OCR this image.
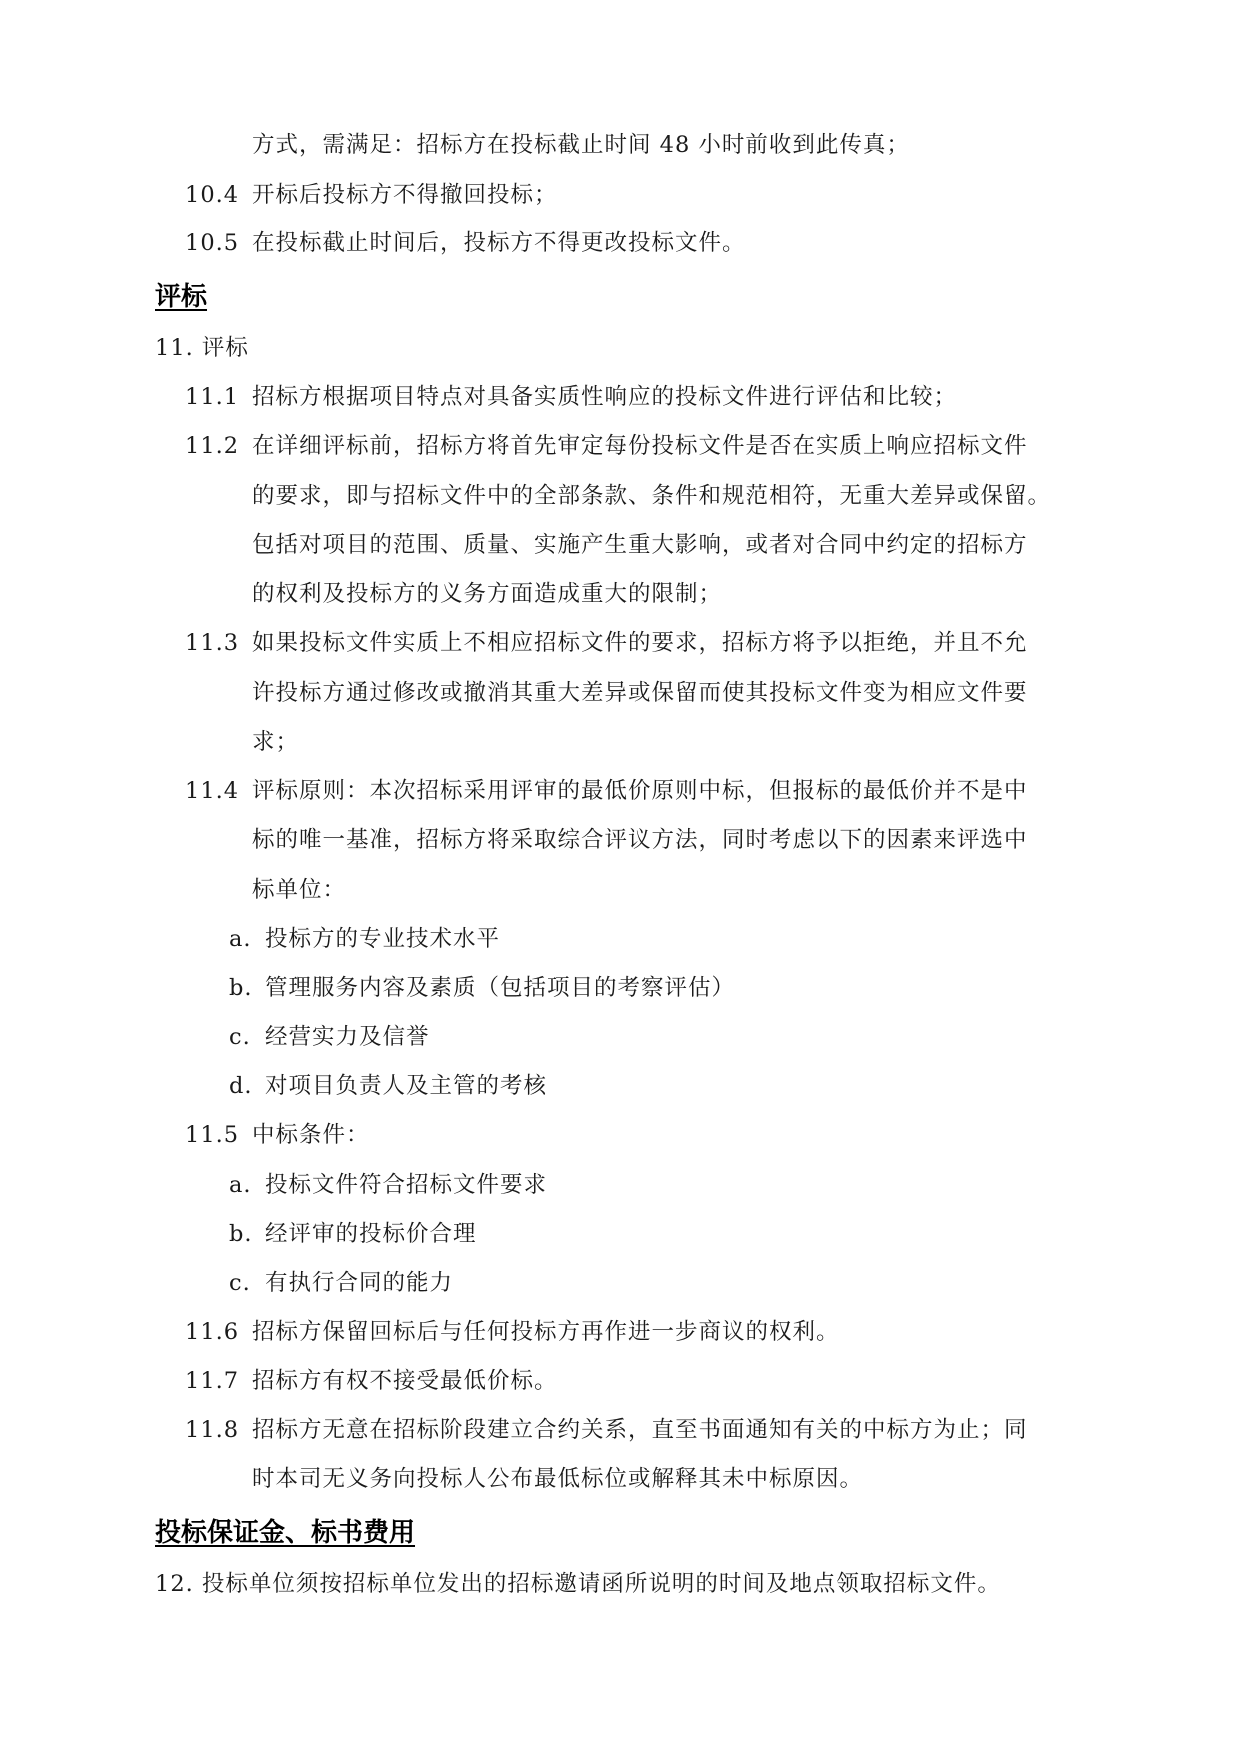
方式，需满足：招标方在投标截止时间 48 小时前收到此传真；
10.4 开标后投标方不得撤回投标；
10.5 在投标截止时间后，投标方不得更改投标文件。
评标
11. 评标
11.1 招标方根据项目特点对具备实质性响应的投标文件进行评估和比较；
11.2 在详细评标前，招标方将首先审定每份投标文件是否在实质上响应招标文件
的要求，即与招标文件中的全部条款、条件和规范相符，无重大差异或保留。
包括对项目的范围、质量、实施产生重大影响，或者对合同中约定的招标方
的权利及投标方的义务方面造成重大的限制；
11.3 如果投标文件实质上不相应招标文件的要求，招标方将予以拒绝，并且不允
许投标方通过修改或撤消其重大差异或保留而使其投标文件变为相应文件要
求；
11.4 评标原则：本次招标采用评审的最低价原则中标，但报标的最低价并不是中
标的唯一基准，招标方将采取综合评议方法，同时考虑以下的因素来评选中
标单位：
a. 投标方的专业技术水平
b. 管理服务内容及素质（包括项目的考察评估）
c. 经营实力及信誉
d. 对项目负责人及主管的考核
11.5 中标条件：
a. 投标文件符合招标文件要求
b. 经评审的投标价合理
c. 有执行合同的能力
11.6 招标方保留回标后与任何投标方再作进一步商议的权利。
11.7 招标方有权不接受最低价标。
11.8 招标方无意在招标阶段建立合约关系，直至书面通知有关的中标方为止；同
时本司无义务向投标人公布最低标位或解释其未中标原因。
投标保证金、标书费用
12. 投标单位须按招标单位发出的招标邀请函所说明的时间及地点领取招标文件。
